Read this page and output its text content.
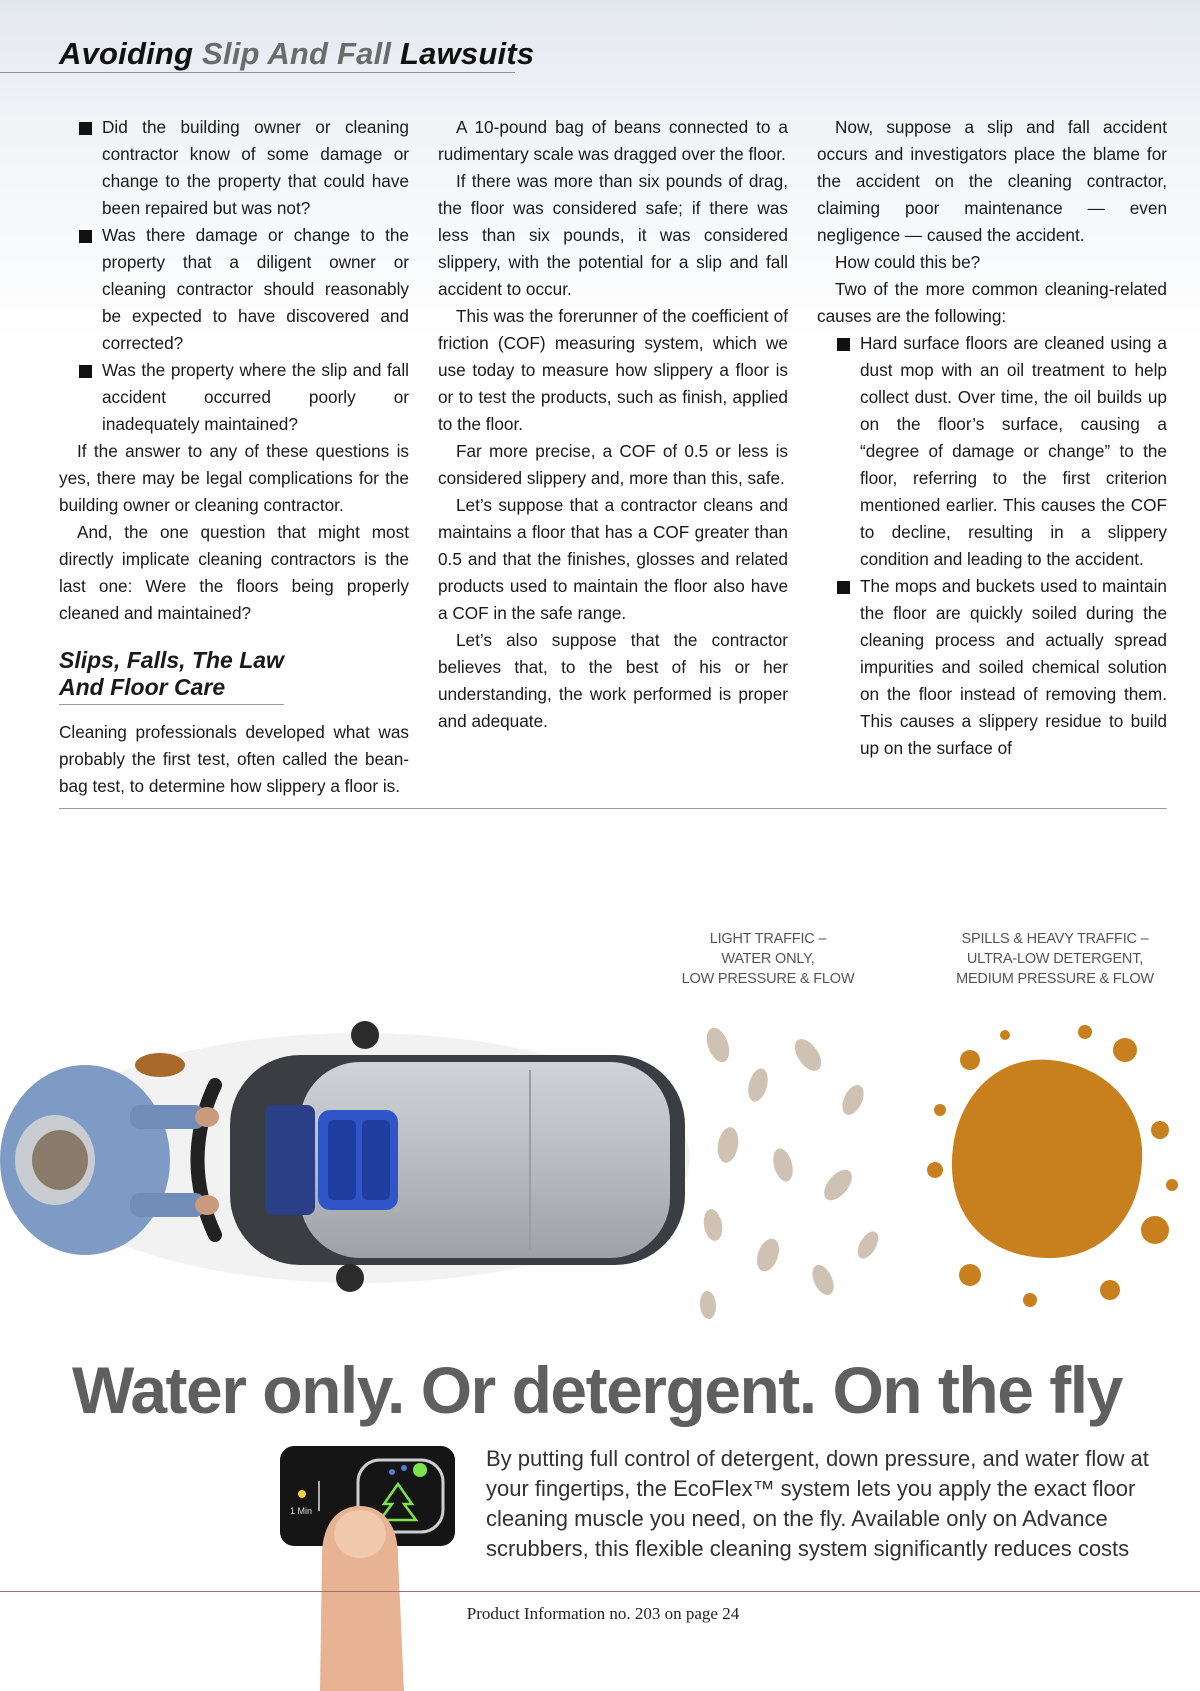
Avoiding Slip And Fall Lawsuits
Did the building owner or cleaning contractor know of some damage or change to the property that could have been repaired but was not?
Was there damage or change to the property that a diligent owner or cleaning contractor should reasonably be expected to have discovered and corrected?
Was the property where the slip and fall accident occurred poorly or inadequately maintained?

If the answer to any of these questions is yes, there may be legal complications for the building owner or cleaning contractor.

And, the one question that might most directly implicate cleaning contractors is the last one: Were the floors being properly cleaned and maintained?

Slips, Falls, The Law
And Floor Care

Cleaning professionals developed what was probably the first test, often called the bean-bag test, to determine how slippery a floor is.

A 10-pound bag of beans connected to a rudimentary scale was dragged over the floor.

If there was more than six pounds of drag, the floor was considered safe; if there was less than six pounds, it was considered slippery, with the potential for a slip and fall accident to occur.

This was the forerunner of the coefficient of friction (COF) measuring system, which we use today to measure how slippery a floor is or to test the products, such as finish, applied to the floor.

Far more precise, a COF of 0.5 or less is considered slippery and, more than this, safe.

Let’s suppose that a contractor cleans and maintains a floor that has a COF greater than 0.5 and that the finishes, glosses and related products used to maintain the floor also have a COF in the safe range.

Let’s also suppose that the contractor believes that, to the best of his or her understanding, the work performed is proper and adequate.

Now, suppose a slip and fall accident occurs and investigators place the blame for the accident on the cleaning contractor, claiming poor maintenance — even negligence — caused the accident.

How could this be?

Two of the more common cleaning-related causes are the following:

Hard surface floors are cleaned using a dust mop with an oil treatment to help collect dust. Over time, the oil builds up on the floor’s surface, causing a “degree of damage or change” to the floor, referring to the first criterion mentioned earlier. This causes the COF to decline, resulting in a slippery condition and leading to the accident.
The mops and buckets used to maintain the floor are quickly soiled during the cleaning process and actually spread impurities and soiled chemical solution on the floor instead of removing them. This causes a slippery residue to build up on the surface of
LIGHT TRAFFIC –
WATER ONLY,
LOW PRESSURE & FLOW
SPILLS & HEAVY TRAFFIC –
ULTRA-LOW DETERGENT,
MEDIUM PRESSURE & FLOW
Water only. Or detergent. On the fly
1 Min
By putting full control of detergent, down pressure, and water flow at your fingertips, the EcoFlex™ system lets you apply the exact floor cleaning muscle you need, on the fly. Available only on Advance scrubbers, this flexible cleaning system significantly reduces costs
Product Information no. 203 on page 24
